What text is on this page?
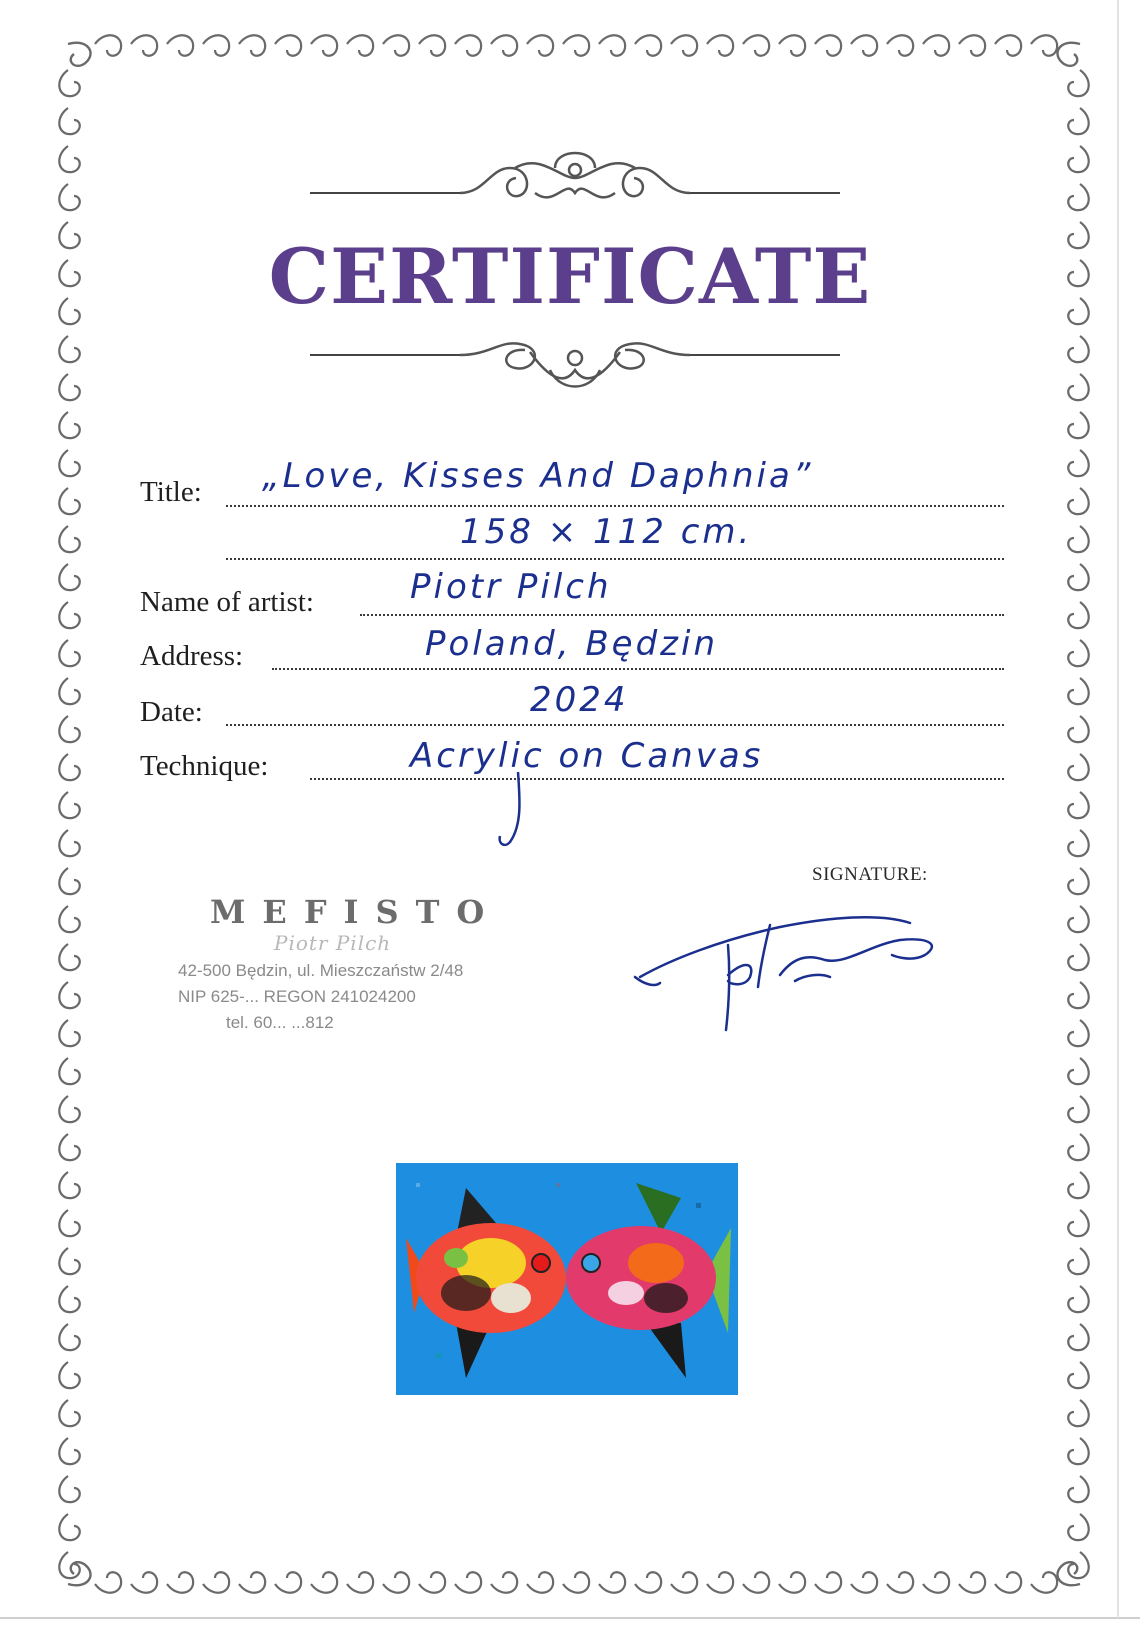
CERTIFICATE
Title: „Love, Kisses And Daphnia”
158 × 112 cm.
Name of artist:	Piotr Pilch
Address:	Poland, Będzin
Date:	2024
Technique:	Acrylic on Canvas
SIGNATURE:
MEFISTO
Piotr Pilch
42-500 Będzin, ul. Mieszczaństw 2/48
NIP 625-... REGON 241024200
tel. 60... ...812
